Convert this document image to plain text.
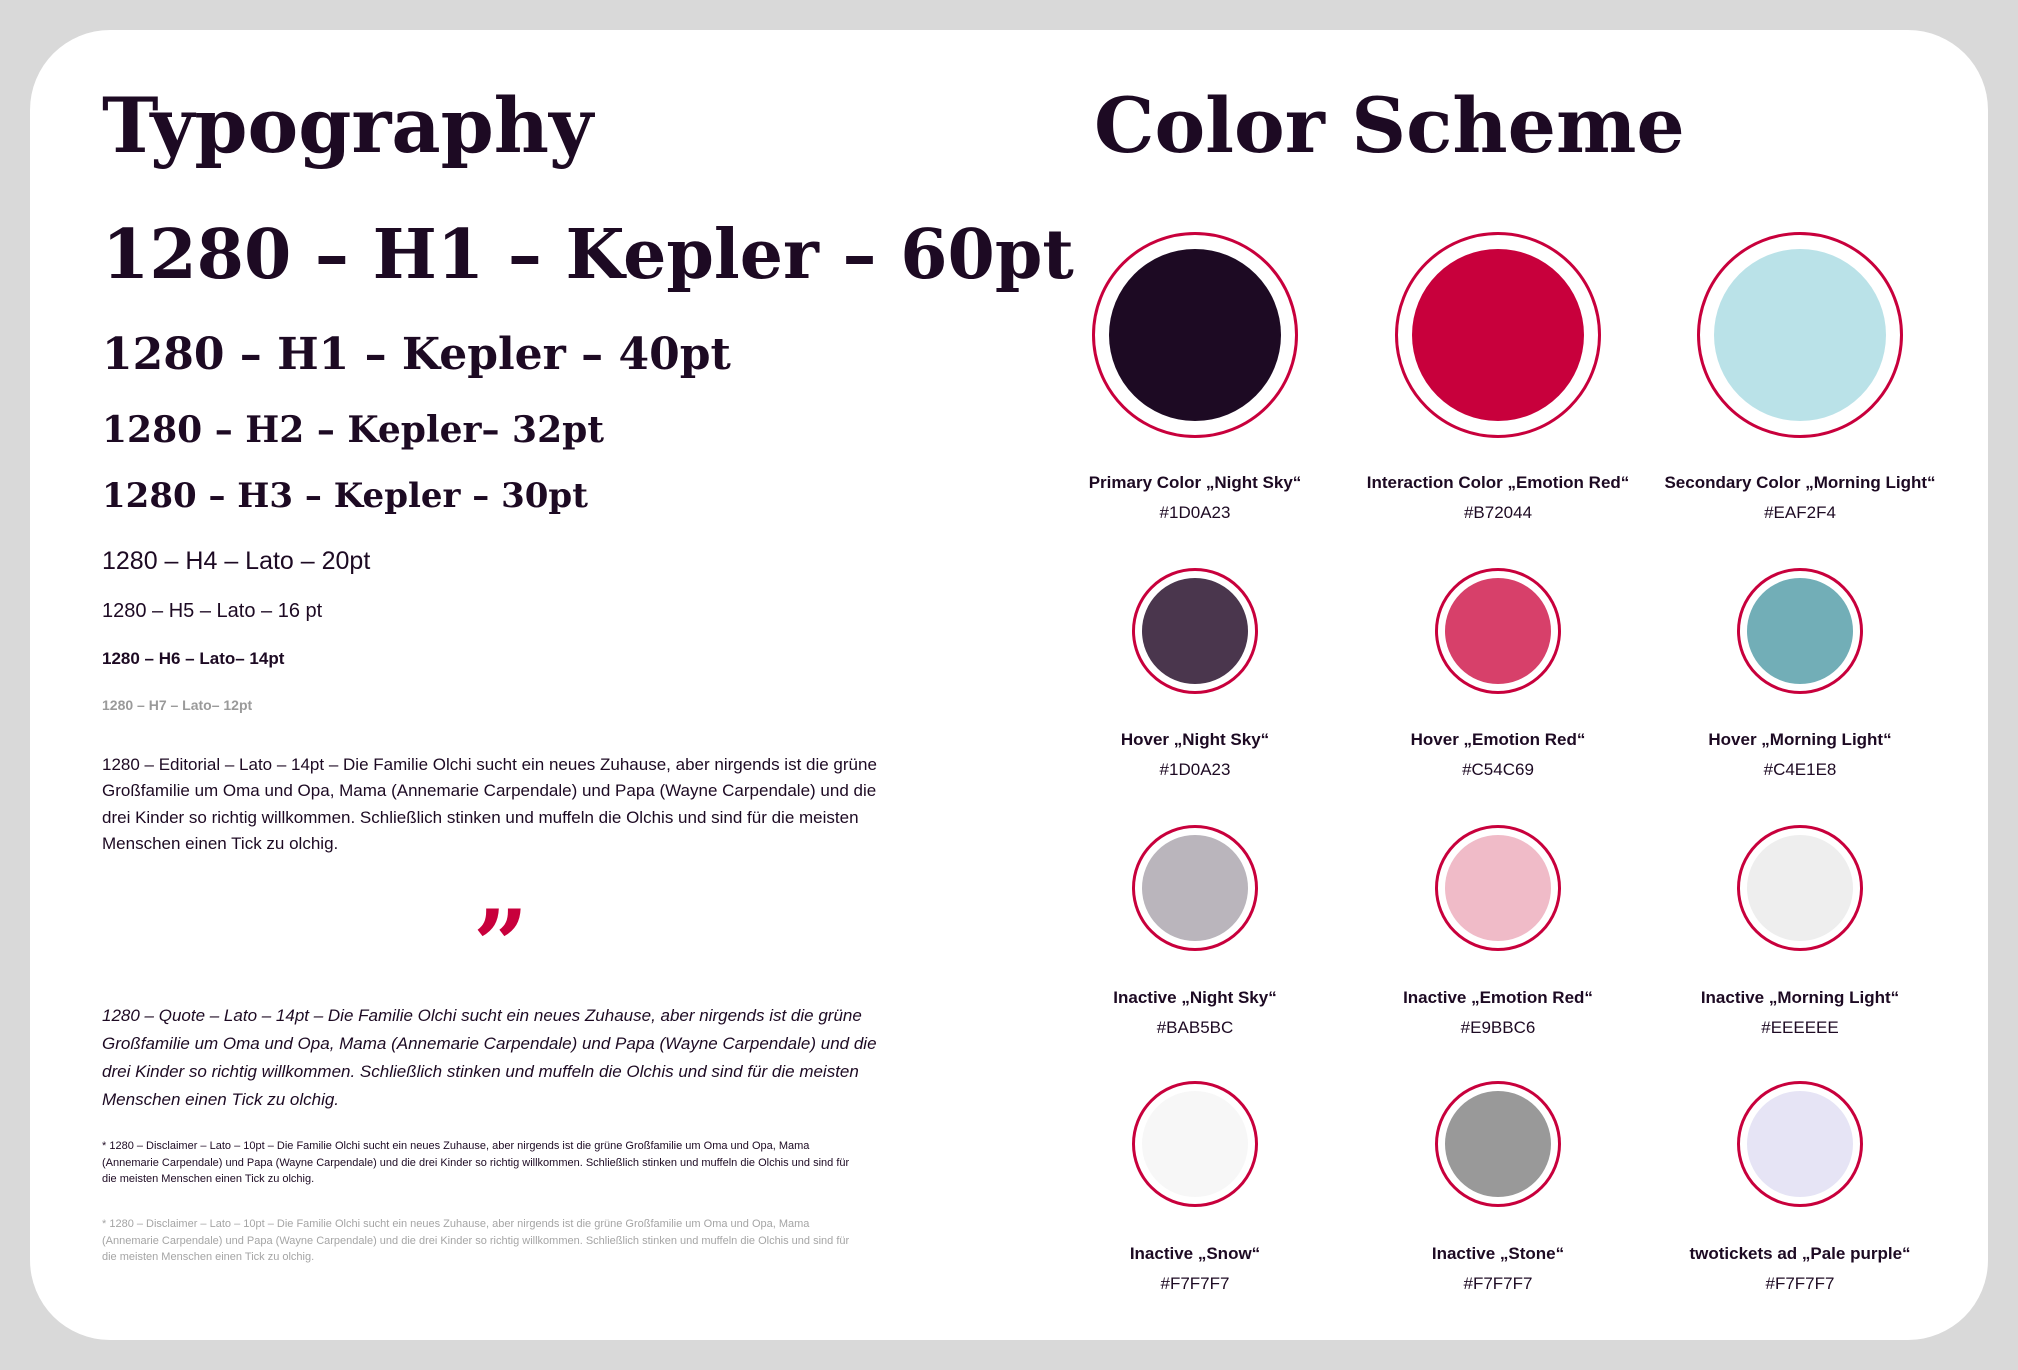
Typography
1280 – H1 – Kepler – 60pt
1280 – H1 – Kepler – 40pt
1280 – H2 – Kepler– 32pt
1280 – H3 – Kepler – 30pt
1280 – H4 – Lato – 20pt
1280 – H5 – Lato – 16 pt
1280 – H6 – Lato– 14pt
1280 – H7 – Lato– 12pt

1280 – Editorial – Lato – 14pt – Die Familie Olchi sucht ein neues Zuhause, aber nirgends ist die grüne Großfamilie um Oma und Opa, Mama (Annemarie Carpendale) und Papa (Wayne Carpendale) und die drei Kinder so richtig willkommen. Schließlich stinken und muffeln die Olchis und sind für die meisten Menschen einen Tick zu olchig.

”

1280 – Quote – Lato – 14pt – Die Familie Olchi sucht ein neues Zuhause, aber nirgends ist die grüne Großfamilie um Oma und Opa, Mama (Annemarie Carpendale) und Papa (Wayne Carpendale) und die drei Kinder so richtig willkommen. Schließlich stinken und muffeln die Olchis und sind für die meisten Menschen einen Tick zu olchig.

* 1280 – Disclaimer – Lato – 10pt – Die Familie Olchi sucht ein neues Zuhause, aber nirgends ist die grüne Großfamilie um Oma und Opa, Mama (Annemarie Carpendale) und Papa (Wayne Carpendale) und die drei Kinder so richtig willkommen. Schließlich stinken und muffeln die Olchis und sind für die meisten Menschen einen Tick zu olchig.

* 1280 – Disclaimer – Lato – 10pt – Die Familie Olchi sucht ein neues Zuhause, aber nirgends ist die grüne Großfamilie um Oma und Opa, Mama (Annemarie Carpendale) und Papa (Wayne Carpendale) und die drei Kinder so richtig willkommen. Schließlich stinken und muffeln die Olchis und sind für die meisten Menschen einen Tick zu olchig.

Color Scheme

Primary Color „Night Sky“

#1D0A23

Interaction Color „Emotion Red“

#B72044

Secondary Color „Morning Light“

#EAF2F4

Hover „Night Sky“

#1D0A23

Hover „Emotion Red“

#C54C69

Hover „Morning Light“

#C4E1E8

Inactive „Night Sky“

#BAB5BC

Inactive „Emotion Red“

#E9BBC6

Inactive „Morning Light“

#EEEEEE

Inactive „Snow“

#F7F7F7

Inactive „Stone“

#F7F7F7

twotickets ad „Pale purple“

#F7F7F7
